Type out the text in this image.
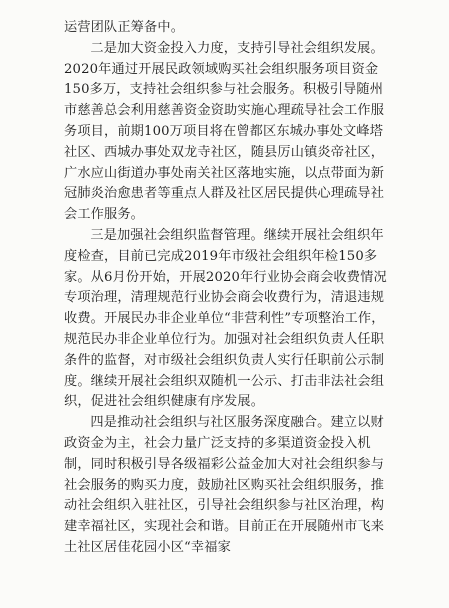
运营团队正筹备中。

二是加大资金投入力度，支持引导社会组织发展。2020年通过开展民政领域购买社会组织服务项目资金150多万，支持社会组织参与社会服务。积极引导随州市慈善总会利用慈善资金资助实施心理疏导社会工作服务项目，前期100万项目将在曾都区东城办事处文峰塔社区、西城办事处双龙寺社区，随县厉山镇炎帝社区，广水应山街道办事处南关社区落地实施，以点带面为新冠肺炎治愈患者等重点人群及社区居民提供心理疏导社会工作服务。

三是加强社会组织监督管理。继续开展社会组织年度检查，目前已完成2019年市级社会组织年检150多家。从6月份开始，开展2020年行业协会商会收费情况专项治理，清理规范行业协会商会收费行为，清退违规收费。开展民办非企业单位“非营利性”专项整治工作，规范民办非企业单位行为。加强对社会组织负责人任职条件的监督，对市级社会组织负责人实行任职前公示制度。继续开展社会组织双随机一公示、打击非法社会组织，促进社会组织健康有序发展。

四是推动社会组织与社区服务深度融合。建立以财政资金为主，社会力量广泛支持的多渠道资金投入机制，同时积极引导各级福彩公益金加大对社会组织参与社会服务的购买力度，鼓励社区购买社会组织服务，推动社会组织入驻社区，引导社会组织参与社区治理，构建幸福社区，实现社会和谐。目前正在开展随州市飞来土社区居佳花园小区“幸福家
